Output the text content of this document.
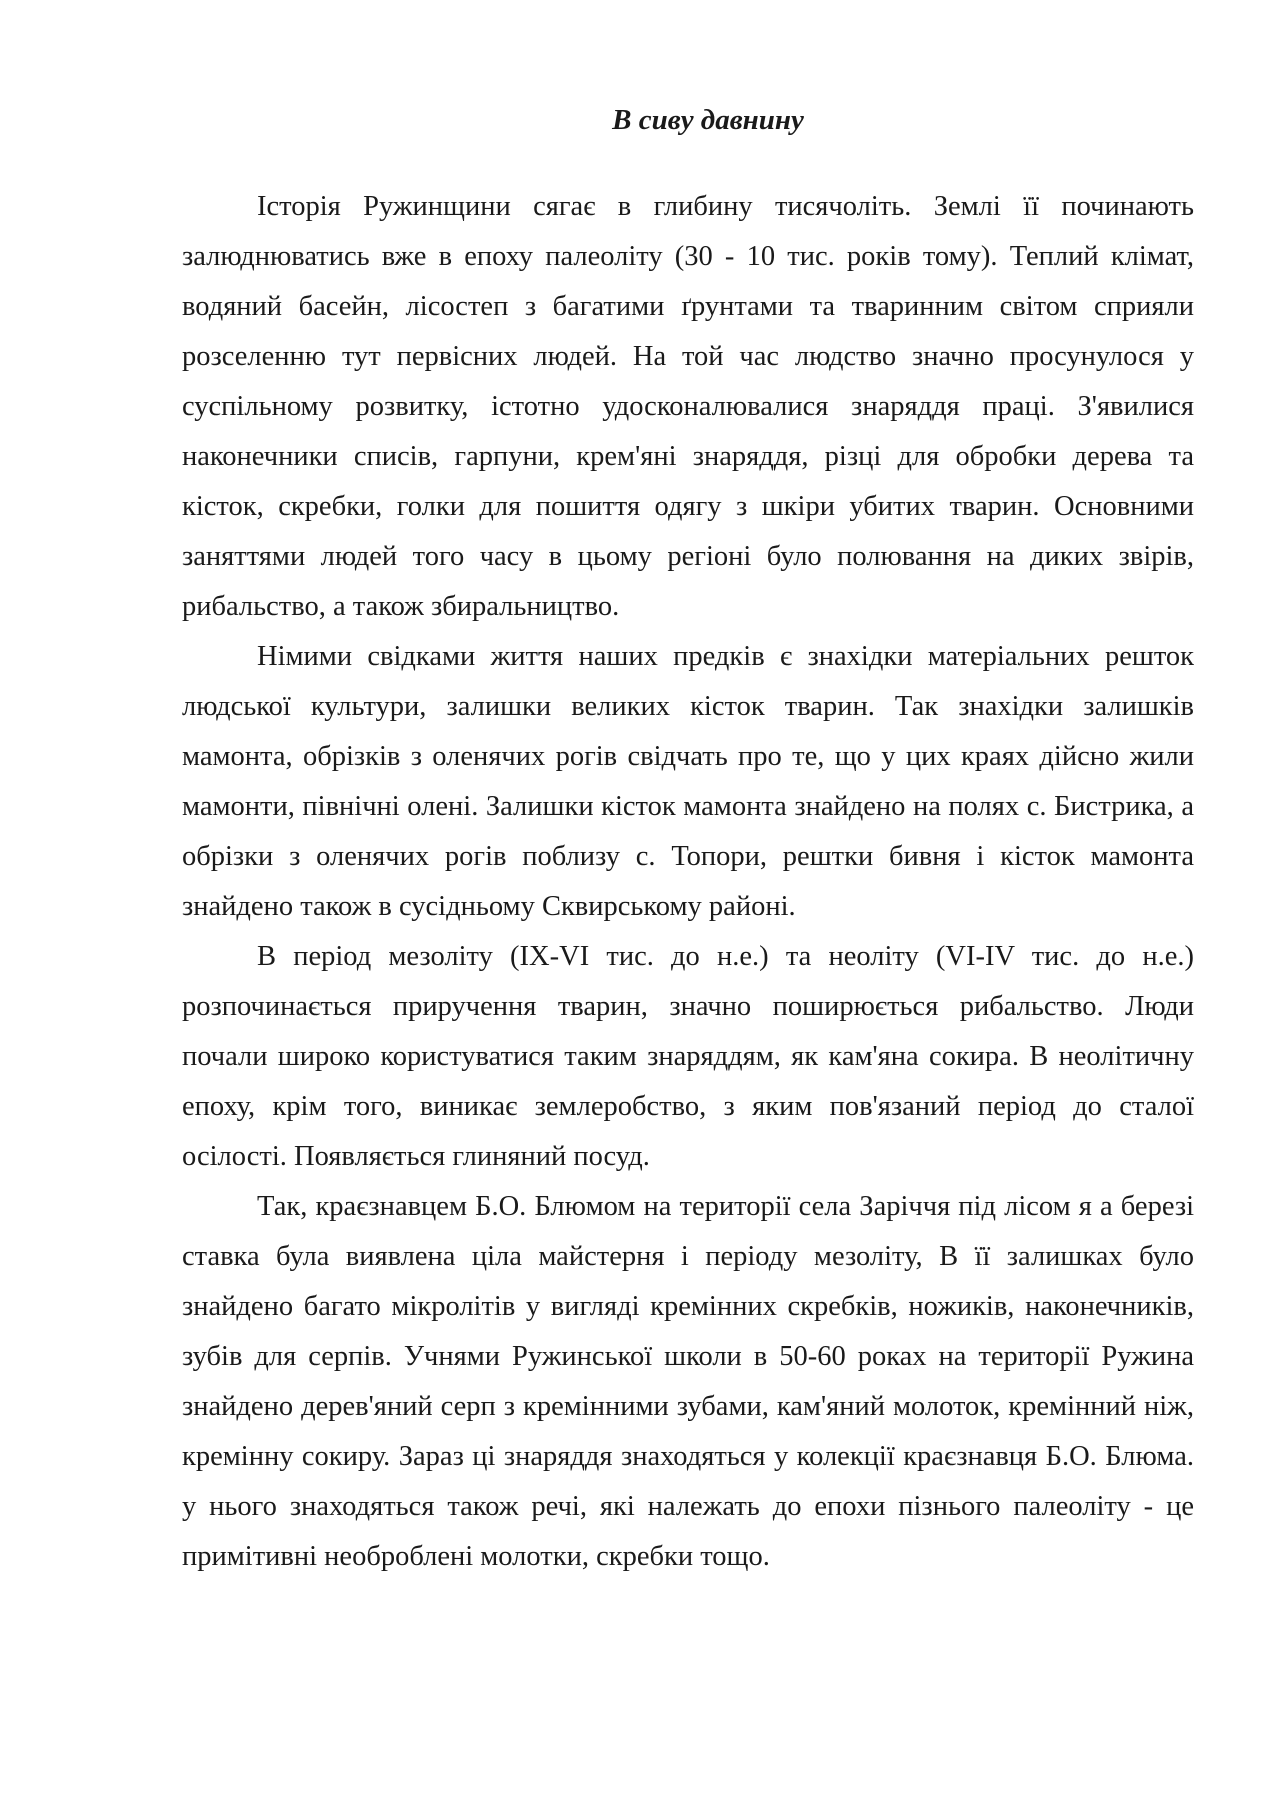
В сиву давнину

Історія Ружинщини сягає в глибину тисячоліть. Землі її починають залюднюватись вже в епоху палеоліту (30 - 10 тис. років тому). Теплий клімат, водяний басейн, лісостеп з багатими ґрунтами та тваринним світом сприяли розселенню тут первісних людей. На той час людство значно просунулося у суспільному розвитку, істотно удосконалювалися знаряддя праці. З'явилися наконечники списів, гарпуни, крем'яні знаряддя, різці для обробки дерева та кісток, скребки, голки для пошиття одягу з шкіри убитих тварин. Основними заняттями людей того часу в цьому регіоні було полювання на диких звірів, рибальство, а також збиральництво.

Німими свідками життя наших предків є знахідки матеріальних решток людської культури, залишки великих кісток тварин. Так знахідки залишків мамонта, обрізків з оленячих рогів свідчать про те, що у цих краях дійсно жили мамонти, північні олені. Залишки кісток мамонта знайдено на полях с. Бистрика, а обрізки з оленячих рогів поблизу с. Топори, рештки бивня і кісток мамонта знайдено також в сусідньому Сквирському районі.

В період мезоліту (IX-VI тис. до н.е.) та неоліту (VI-IV тис. до н.е.) розпочинається приручення тварин, значно поширюється рибальство. Люди почали широко користуватися таким знаряддям, як кам'яна сокира. В неолітичну епоху, крім того, виникає землеробство, з яким пов'язаний період до сталої осілості. Появляється глиняний посуд.

Так, краєзнавцем Б.О. Блюмом на території села Заріччя під лісом я а березі ставка була виявлена ціла майстерня і періоду мезоліту, В її залишках було знайдено багато мікролітів у вигляді кремінних скребків, ножиків, наконечників, зубів для серпів. Учнями Ружинської школи в 50-60 роках на території Ружина знайдено дерев'яний серп з кремінними зубами, кам'яний молоток, кремінний ніж, кремінну сокиру. Зараз ці знаряддя знаходяться у колекції краєзнавця Б.О. Блюма. у нього знаходяться також речі, які належать до епохи пізнього палеоліту - це примітивні необроблені молотки, скребки тощо.
